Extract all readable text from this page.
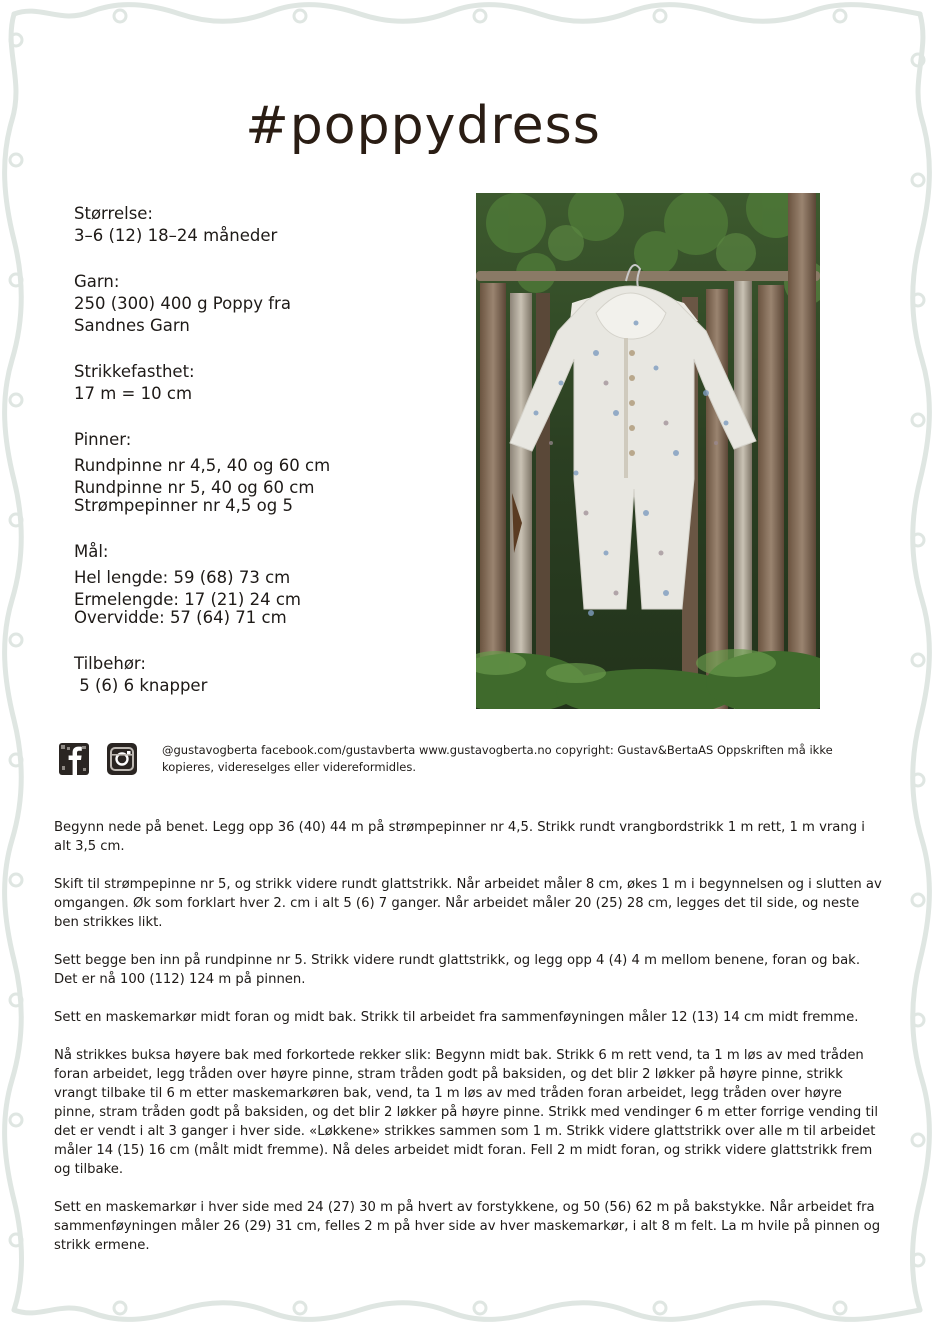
#poppydress
Størrelse:
3–6 (12) 18–24 måneder
Garn:
250 (300) 400 g Poppy fra
Sandnes Garn
Strikkefasthet:
17 m = 10 cm
Pinner:
Rundpinne nr 4,5, 40 og 60 cm
Rundpinne nr 5, 40 og 60 cm
Strømpepinner nr 4,5 og 5
Mål:
Hel lengde: 59 (68) 73 cm
Ermelengde: 17 (21) 24 cm
Overvidde: 57 (64) 71 cm
Tilbehør:
5 (6) 6 knapper
@gustavogberta facebook.com/gustavberta www.gustavogberta.no copyright: Gustav&BertaAS Oppskriften må ikke kopieres, videreselges eller videreformidles.

Begynn nede på benet. Legg opp 36 (40) 44 m på strømpepinner nr 4,5. Strikk rundt vrangbordstrikk 1 m rett, 1 m vrang i alt 3,5 cm.

Skift til strømpepinne nr 5, og strikk videre rundt glattstrikk. Når arbeidet måler 8 cm, økes 1 m i begynnelsen og i slutten av omgangen. Øk som forklart hver 2. cm i alt 5 (6) 7 ganger. Når arbeidet måler 20 (25) 28 cm, legges det til side, og neste ben strikkes likt.

Sett begge ben inn på rundpinne nr 5. Strikk videre rundt glattstrikk, og legg opp 4 (4) 4 m mellom benene, foran og bak. Det er nå 100 (112) 124 m på pinnen.

Sett en maskemarkør midt foran og midt bak. Strikk til arbeidet fra sammenføyningen måler 12 (13) 14 cm midt fremme.

Nå strikkes buksa høyere bak med forkortede rekker slik: Begynn midt bak. Strikk 6 m rett vend, ta 1 m løs av med tråden foran arbeidet, legg tråden over høyre pinne, stram tråden godt på baksiden, og det blir 2 løkker på høyre pinne, strikk vrangt tilbake til 6 m etter maskemarkøren bak, vend, ta 1 m løs av med tråden foran arbeidet, legg tråden over høyre pinne, stram tråden godt på baksiden, og det blir 2 løkker på høyre pinne. Strikk med vendinger 6 m etter forrige vending til det er vendt i alt 3 ganger i hver side. «Løkkene» strikkes sammen som 1 m. Strikk videre glattstrikk over alle m til arbeidet måler 14 (15) 16 cm (målt midt fremme). Nå deles arbeidet midt foran. Fell 2 m midt foran, og strikk videre glattstrikk frem og tilbake.

Sett en maskemarkør i hver side med 24 (27) 30 m på hvert av forstykkene, og 50 (56) 62 m på bakstykke. Når arbeidet fra sammenføyningen måler 26 (29) 31 cm, felles 2 m på hver side av hver maskemarkør, i alt 8 m felt. La m hvile på pinnen og strikk ermene.
